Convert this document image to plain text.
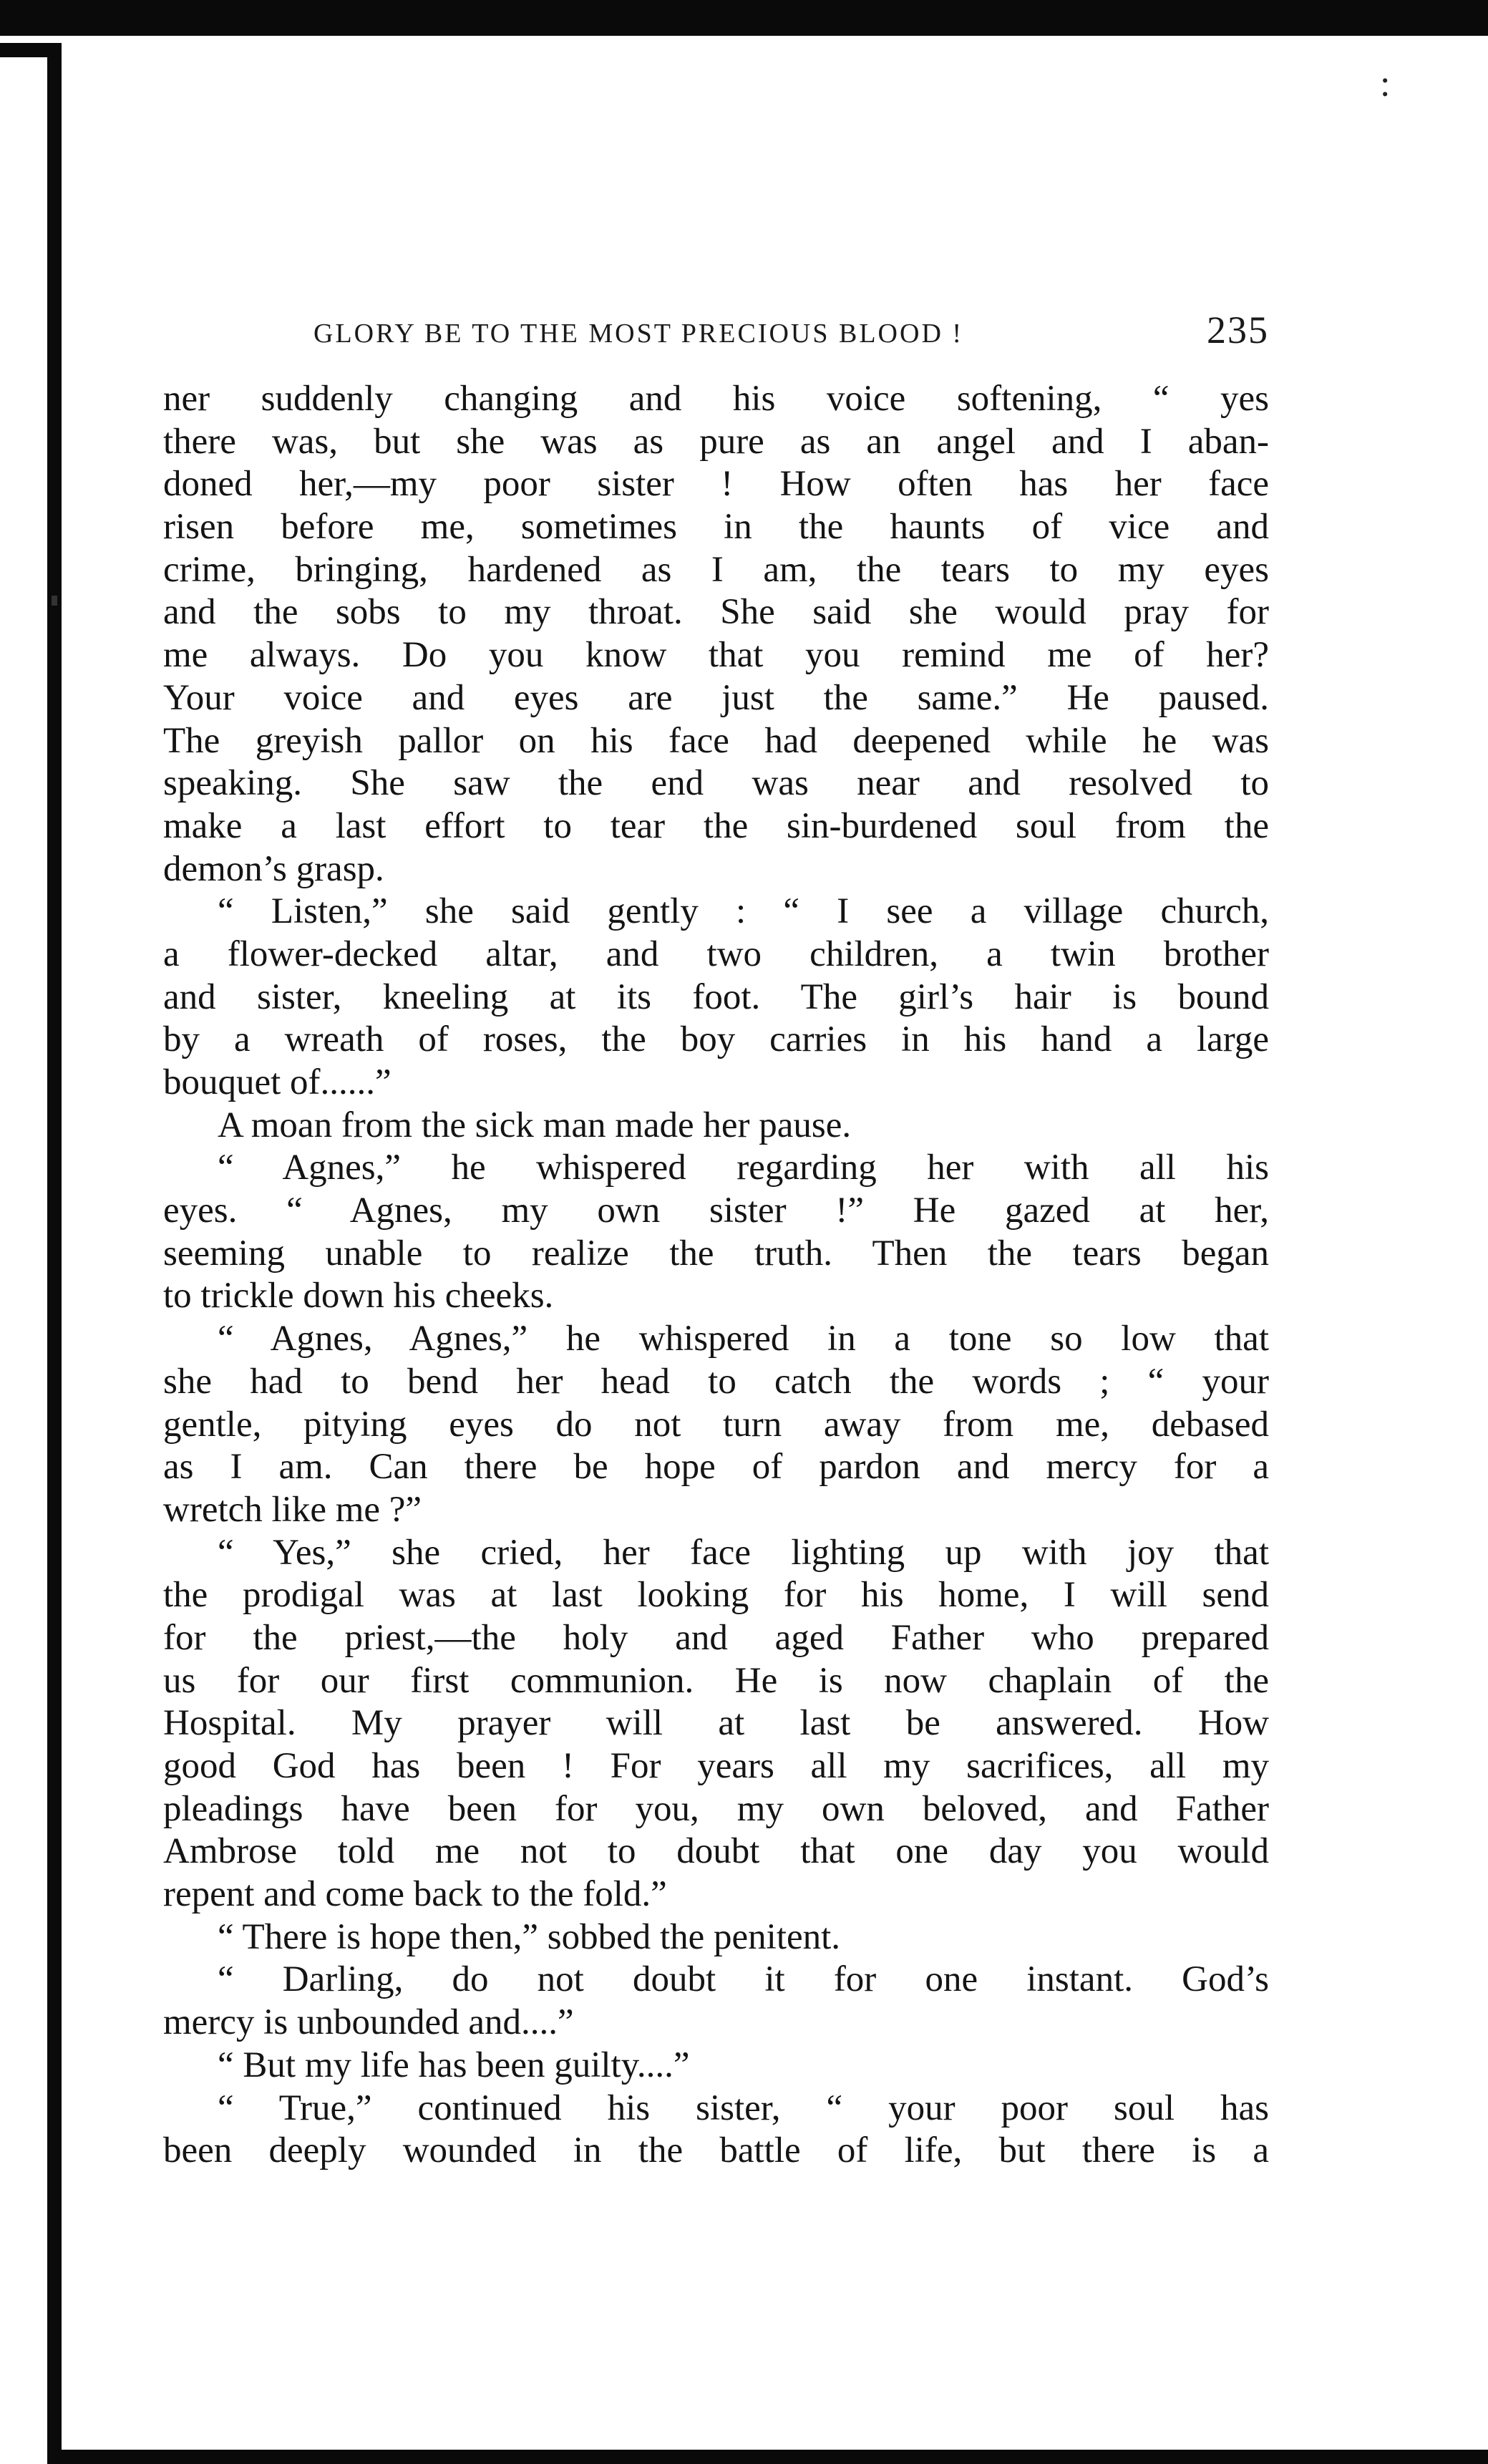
:
GLORY BE TO THE MOST PRECIOUS BLOOD !	235
ner suddenly changing and his voice softening, “ yes
there was, but she was as pure as an angel and I aban-
doned her,—my poor sister ! How often has her face
risen before me, sometimes in the haunts of vice and
crime, bringing, hardened as I am, the tears to my eyes
and the sobs to my throat. She said she would pray for
me always. Do you know that you remind me of her?
Your voice and eyes are just the same.” He paused.
The greyish pallor on his face had deepened while he was
speaking. She saw the end was near and resolved to
make a last effort to tear the sin-burdened soul from the
demon’s grasp.
“ Listen,” she said gently : “ I see a village church,
a flower-decked altar, and two children, a twin brother
and sister, kneeling at its foot. The girl’s hair is bound
by a wreath of roses, the boy carries in his hand a large
bouquet of......”
A moan from the sick man made her pause.
“ Agnes,” he whispered regarding her with all his
eyes. “ Agnes, my own sister !” He gazed at her,
seeming unable to realize the truth. Then the tears began
to trickle down his cheeks.
“ Agnes, Agnes,” he whispered in a tone so low that
she had to bend her head to catch the words ; “ your
gentle, pitying eyes do not turn away from me, debased
as I am. Can there be hope of pardon and mercy for a
wretch like me ?”
“ Yes,” she cried, her face lighting up with joy that
the prodigal was at last looking for his home, I will send
for the priest,—the holy and aged Father who prepared
us for our first communion. He is now chaplain of the
Hospital. My prayer will at last be answered. How
good God has been ! For years all my sacrifices, all my
pleadings have been for you, my own beloved, and Father
Ambrose told me not to doubt that one day you would
repent and come back to the fold.”
“ There is hope then,” sobbed the penitent.
“ Darling, do not doubt it for one instant. God’s
mercy is unbounded and....”
“ But my life has been guilty....”
“ True,” continued his sister, “ your poor soul has
been deeply wounded in the battle of life, but there is a
